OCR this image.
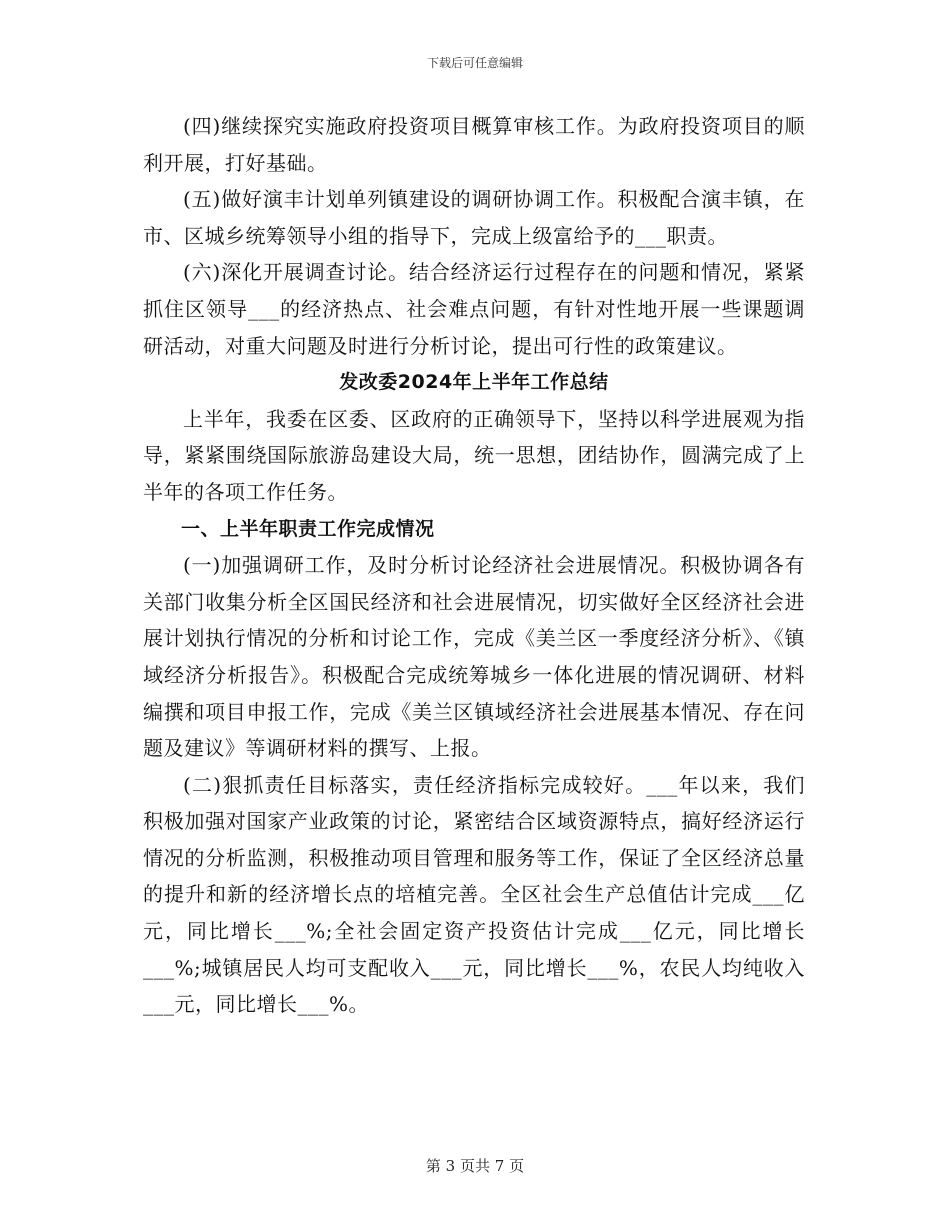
下载后可任意编辑

(四)继续探究实施政府投资项目概算审核工作。为政府投资项目的顺利开展，打好基础。

(五)做好演丰计划单列镇建设的调研协调工作。积极配合演丰镇，在市、区城乡统筹领导小组的指导下，完成上级富给予的___职责。

(六)深化开展调查讨论。结合经济运行过程存在的问题和情况，紧紧抓住区领导___的经济热点、社会难点问题，有针对性地开展一些课题调研活动，对重大问题及时进行分析讨论，提出可行性的政策建议。

发改委2024年上半年工作总结

上半年，我委在区委、区政府的正确领导下，坚持以科学进展观为指导，紧紧围绕国际旅游岛建设大局，统一思想，团结协作，圆满完成了上半年的各项工作任务。

一、上半年职责工作完成情况

(一)加强调研工作，及时分析讨论经济社会进展情况。积极协调各有关部门收集分析全区国民经济和社会进展情况，切实做好全区经济社会进展计划执行情况的分析和讨论工作，完成《美兰区一季度经济分析》、《镇域经济分析报告》。积极配合完成统筹城乡一体化进展的情况调研、材料编撰和项目申报工作，完成《美兰区镇域经济社会进展基本情况、存在问题及建议》等调研材料的撰写、上报。

(二)狠抓责任目标落实，责任经济指标完成较好。___年以来，我们积极加强对国家产业政策的讨论，紧密结合区域资源特点，搞好经济运行情况的分析监测，积极推动项目管理和服务等工作，保证了全区经济总量的提升和新的经济增长点的培植完善。全区社会生产总值估计完成___亿元，同比增长___%;全社会固定资产投资估计完成___亿元，同比增长___%;城镇居民人均可支配收入___元，同比增长___%，农民人均纯收入___元，同比增长___%。

第 3 页共 7 页
